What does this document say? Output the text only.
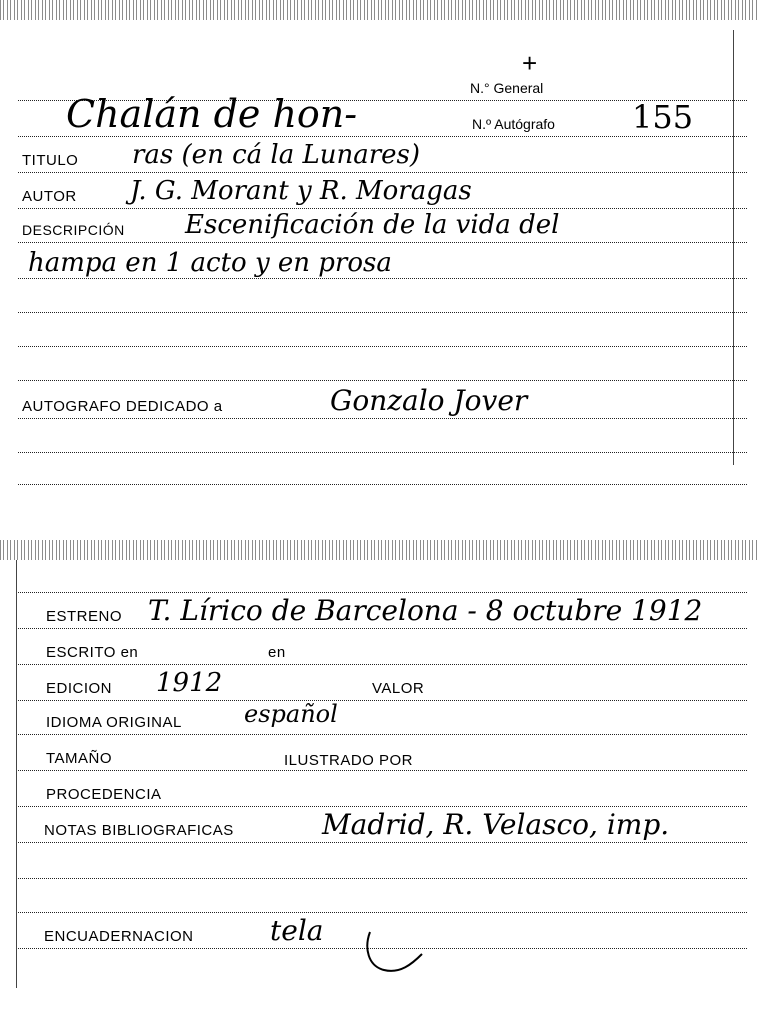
+
N.° General
Chalán de hon-	N.º Autógrafo 155
TITULO ras (en cá la Lunares)
AUTOR J. G. Morant y R. Moragas
DESCRIPCIÓN Escenificación de la vida del
hampa en 1 acto y en prosa
AUTOGRAFO DEDICADO a	Gonzalo Jover
ESTRENO T. Lírico de Barcelona - 8 octubre 1912
ESCRITO en	en
EDICION 1912	VALOR
IDIOMA ORIGINAL	español
TAMAÑO	ILUSTRADO POR
PROCEDENCIA
NOTAS BIBLIOGRAFICAS	Madrid, R. Velasco, imp.
ENCUADERNACION	tela
